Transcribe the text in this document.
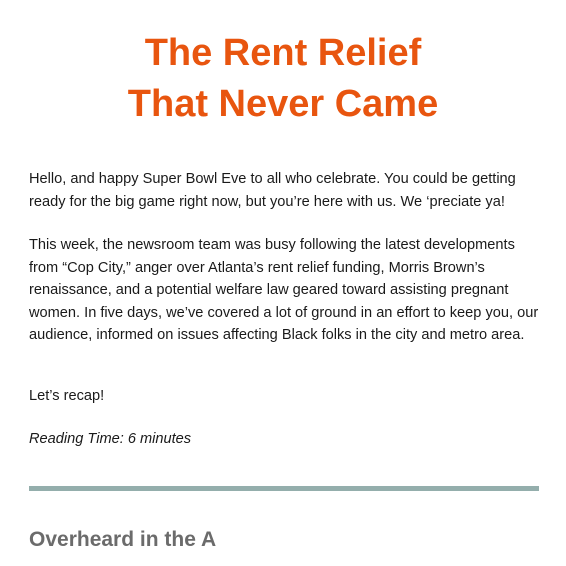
The Rent Relief
That Never Came

Hello, and happy Super Bowl Eve to all who celebrate. You could be getting ready for the big game right now, but you’re here with us. We ‘preciate ya!

This week, the newsroom team was busy following the latest developments from “Cop City,” anger over Atlanta’s rent relief funding, Morris Brown’s renaissance, and a potential welfare law geared toward assisting pregnant women. In five days, we’ve covered a lot of ground in an effort to keep you, our audience, informed on issues affecting Black folks in the city and metro area.

Let’s recap!

Reading Time: 6 minutes

Overheard in the A
